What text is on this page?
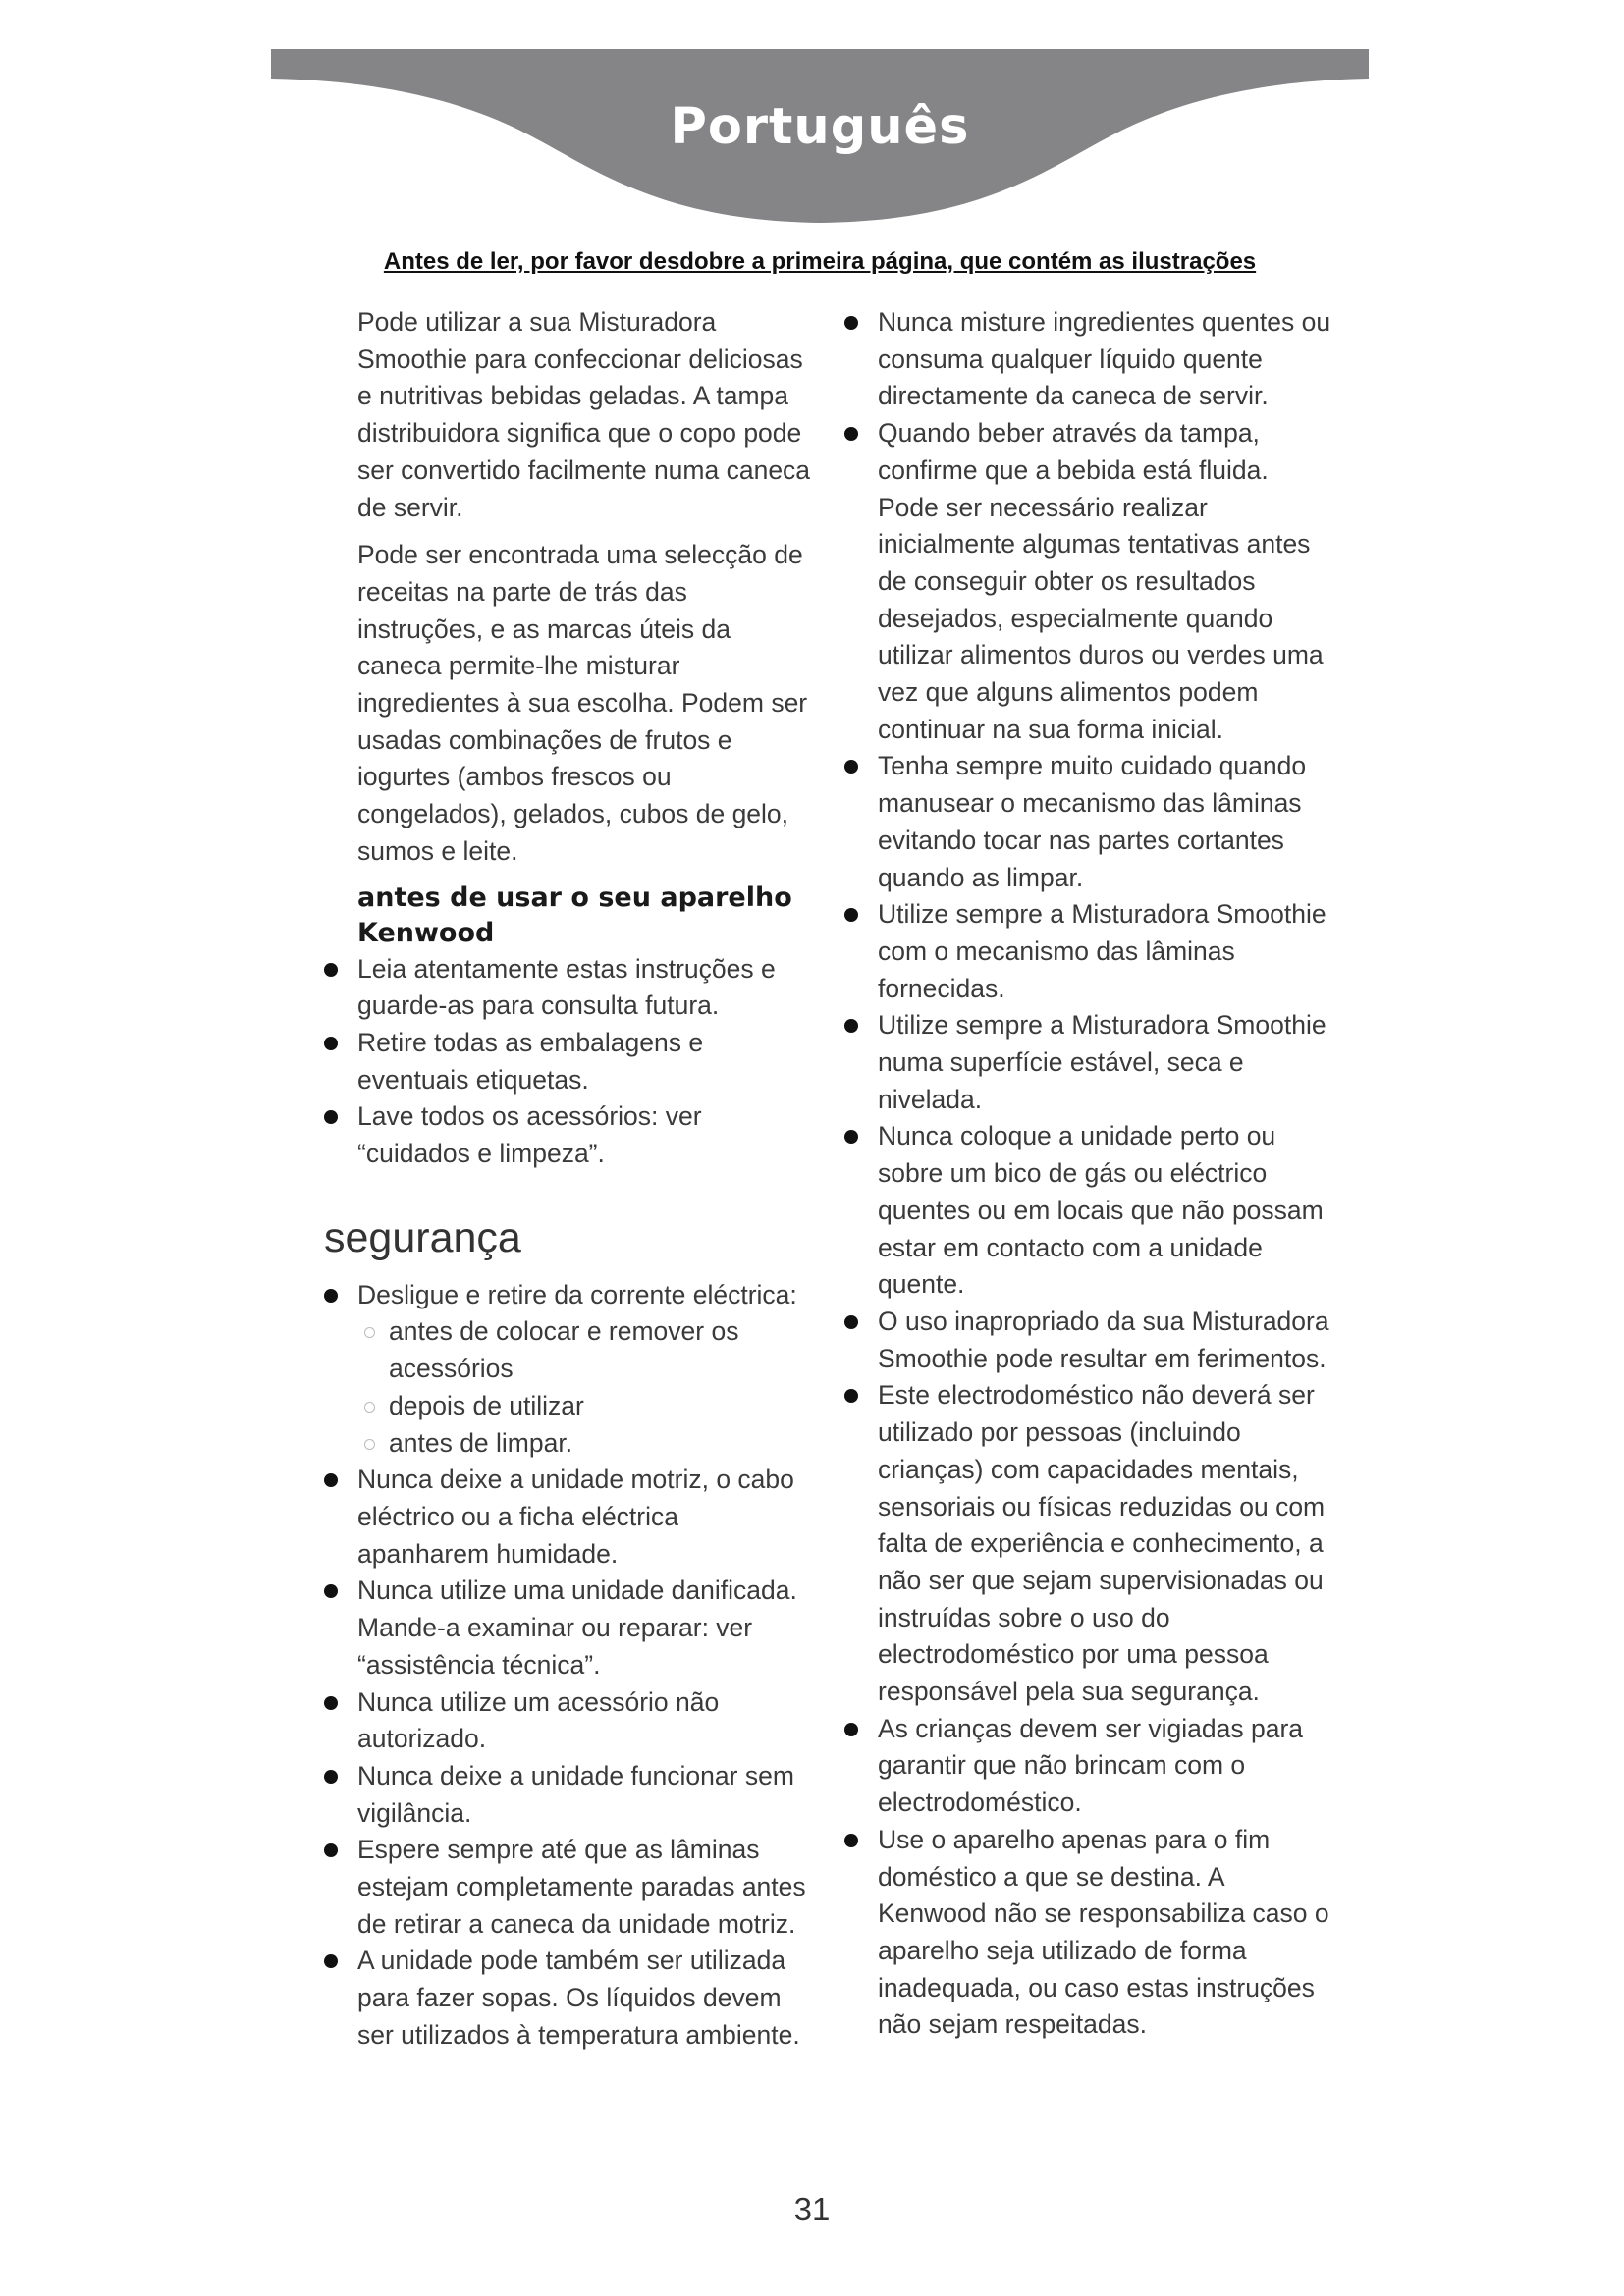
Português
Antes de ler, por favor desdobre a primeira página, que contém as ilustrações

Pode utilizar a sua Misturadora Smoothie para confeccionar deliciosas e nutritivas bebidas geladas. A tampa distribuidora significa que o copo pode ser convertido facilmente numa caneca de servir.

Pode ser encontrada uma selecção de receitas na parte de trás das instruções, e as marcas úteis da caneca permite-lhe misturar ingredientes à sua escolha. Podem ser usadas combinações de frutos e iogurtes (ambos frescos ou congelados), gelados, cubos de gelo, sumos e leite.

antes de usar o seu aparelho Kenwood
Leia atentamente estas instruções e guarde-as para consulta futura.
Retire todas as embalagens e eventuais etiquetas.
Lave todos os acessórios: ver “cuidados e limpeza”.
segurança
Desligue e retire da corrente eléctrica:
antes de colocar e remover os acessórios
depois de utilizar
antes de limpar.
Nunca deixe a unidade motriz, o cabo eléctrico ou a ficha eléctrica apanharem humidade.
Nunca utilize uma unidade danificada. Mande-a examinar ou reparar: ver “assistência técnica”.
Nunca utilize um acessório não autorizado.
Nunca deixe a unidade funcionar sem vigilância.
Espere sempre até que as lâminas estejam completamente paradas antes de retirar a caneca da unidade motriz.
A unidade pode também ser utilizada para fazer sopas. Os líquidos devem ser utilizados à temperatura ambiente.
Nunca misture ingredientes quentes ou consuma qualquer líquido quente directamente da caneca de servir.
Quando beber através da tampa, confirme que a bebida está fluida. Pode ser necessário realizar inicialmente algumas tentativas antes de conseguir obter os resultados desejados, especialmente quando utilizar alimentos duros ou verdes uma vez que alguns alimentos podem continuar na sua forma inicial.
Tenha sempre muito cuidado quando manusear o mecanismo das lâminas evitando tocar nas partes cortantes quando as limpar.
Utilize sempre a Misturadora Smoothie com o mecanismo das lâminas fornecidas.
Utilize sempre a Misturadora Smoothie numa superfície estável, seca e nivelada.
Nunca coloque a unidade perto ou sobre um bico de gás ou eléctrico quentes ou em locais que não possam estar em contacto com a unidade quente.
O uso inapropriado da sua Misturadora Smoothie pode resultar em ferimentos.
Este electrodoméstico não deverá ser utilizado por pessoas (incluindo crianças) com capacidades mentais, sensoriais ou físicas reduzidas ou com falta de experiência e conhecimento, a não ser que sejam supervisionadas ou instruídas sobre o uso do electrodoméstico por uma pessoa responsável pela sua segurança.
As crianças devem ser vigiadas para garantir que não brincam com o electrodoméstico.
Use o aparelho apenas para o fim doméstico a que se destina. A Kenwood não se responsabiliza caso o aparelho seja utilizado de forma inadequada, ou caso estas instruções não sejam respeitadas.
31
